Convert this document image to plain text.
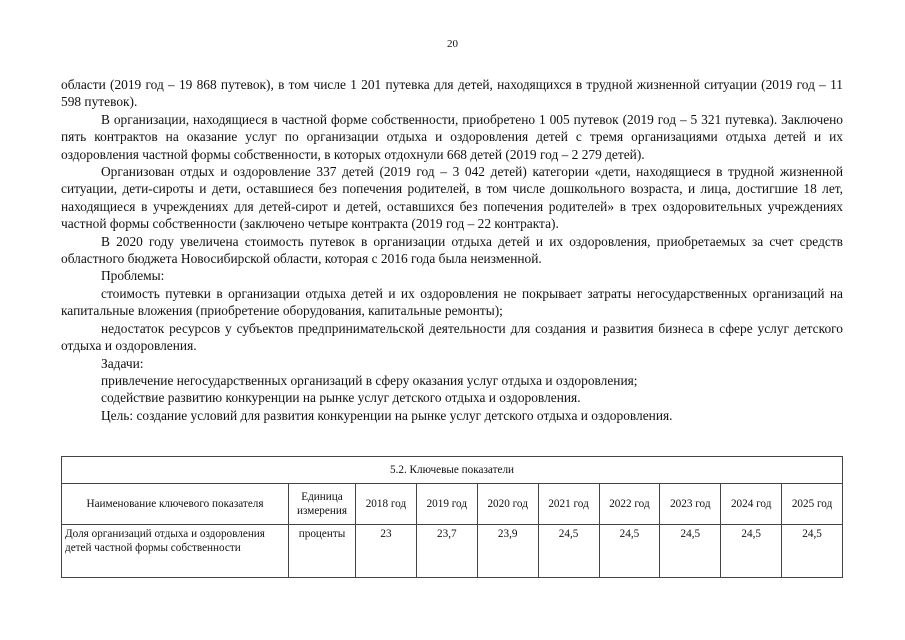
20

области (2019 год – 19 868 путевок), в том числе 1 201 путевка для детей, находящихся в трудной жизненной ситуации (2019 год – 11 598 путевок).

В организации, находящиеся в частной форме собственности, приобретено 1 005 путевок (2019 год – 5 321 путевка). Заключено пять контрактов на оказание услуг по организации отдыха и оздоровления детей с тремя организациями отдыха детей и их оздоровления частной формы собственности, в которых отдохнули 668 детей (2019 год – 2 279 детей).

Организован отдых и оздоровление 337 детей (2019 год – 3 042 детей) категории «дети, находящиеся в трудной жизненной ситуации, дети-сироты и дети, оставшиеся без попечения родителей, в том числе дошкольного возраста, и лица, достигшие 18 лет, находящиеся в учреждениях для детей-сирот и детей, оставшихся без попечения родителей» в трех оздоровительных учреждениях частной формы собственности (заключено четыре контракта (2019 год – 22 контракта).

В 2020 году увеличена стоимость путевок в организации отдыха детей и их оздоровления, приобретаемых за счет средств областного бюджета Новосибирской области, которая с 2016 года была неизменной.

Проблемы:

стоимость путевки в организации отдыха детей и их оздоровления не покрывает затраты негосударственных организаций на капитальные вложения (приобретение оборудования, капитальные ремонты);

недостаток ресурсов у субъектов предпринимательской деятельности для создания и развития бизнеса в сфере услуг детского отдыха и оздоровления.

Задачи:

привлечение негосударственных организаций в сферу оказания услуг отдыха и оздоровления;

содействие развитию конкуренции на рынке услуг детского отдыха и оздоровления.

Цель: создание условий для развития конкуренции на рынке услуг детского отдыха и оздоровления.

5.2. Ключевые показатели									
Наименование ключевого показателя	Единица измерения	2018 год	2019 год	2020 год	2021 год	2022 год	2023 год	2024 год	2025 год
Доля организаций отдыха и оздоровления детей частной формы собственности	проценты	23	23,7	23,9	24,5	24,5	24,5	24,5	24,5
